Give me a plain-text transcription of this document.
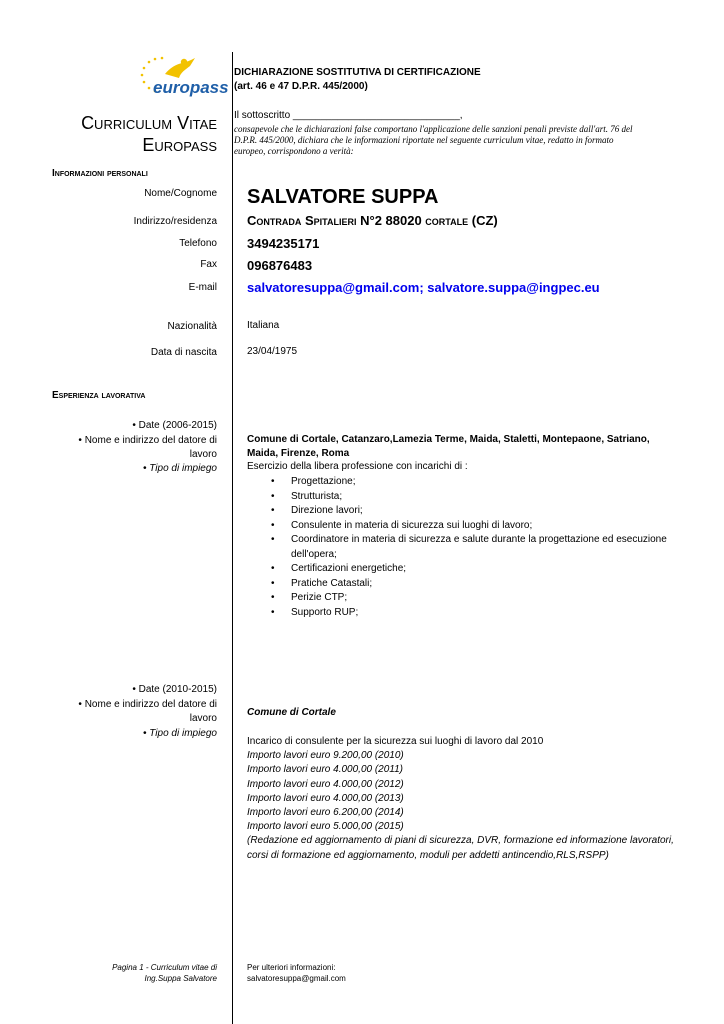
europass
DICHIARAZIONE SOSTITUTIVA DI CERTIFICAZIONE
(art. 46 e 47 D.P.R. 445/2000)
Il sottoscritto ______________________________,
consapevole che le dichiarazioni false comportano l'applicazione delle sanzioni penali previste dall'art. 76 del D.P.R. 445/2000, dichiara che le informazioni riportate nel seguente curriculum vitae, redatto in formato europeo, corrispondono a verità:
Curriculum Vitae
Europass
Informazioni personali
Nome/Cognome SALVATORE SUPPA
Indirizzo/residenza Contrada Spitalieri N°2 88020 cortale (CZ)
Telefono 3494235171
Fax 096876483
E-mail salvatoresuppa@gmail.com; salvatore.suppa@ingpec.eu
Nazionalità	Italiana
Data di nascita	23/04/1975
Esperienza lavorativa
• Date (2006-2015)
• Nome e indirizzo del datore di
lavoro
• Tipo di impiego
Comune di Cortale, Catanzaro,Lamezia Terme, Maida, Staletti, Montepaone, Satriano, Maida, Firenze, Roma
Esercizio della libera professione con incarichi di :
• Progettazione;
• Strutturista;
• Direzione lavori;
• Consulente in materia di sicurezza sui luoghi di lavoro;
• Coordinatore in materia di sicurezza e salute durante la progettazione ed esecuzione dell'opera;
• Certificazioni energetiche;
• Pratiche Catastali;
• Perizie CTP;
• Supporto RUP;
• Date (2010-2015)
• Nome e indirizzo del datore di
lavoro
• Tipo di impiego
Comune di Cortale
Incarico di consulente per la sicurezza sui luoghi di lavoro dal 2010
Importo lavori euro 9.200,00 (2010)
Importo lavori euro 4.000,00 (2011)
Importo lavori euro 4.000,00 (2012)
Importo lavori euro 4.000,00 (2013)
Importo lavori euro 6.200,00 (2014)
Importo lavori euro 5.000,00 (2015)
(Redazione ed aggiornamento di piani di sicurezza, DVR, formazione ed informazione lavoratori, corsi di formazione ed aggiornamento, moduli per addetti antincendio,RLS,RSPP)
Pagina 1 - Curriculum vitae di
Ing.Suppa Salvatore
Per ulteriori informazioni:
salvatoresuppa@gmail.com
